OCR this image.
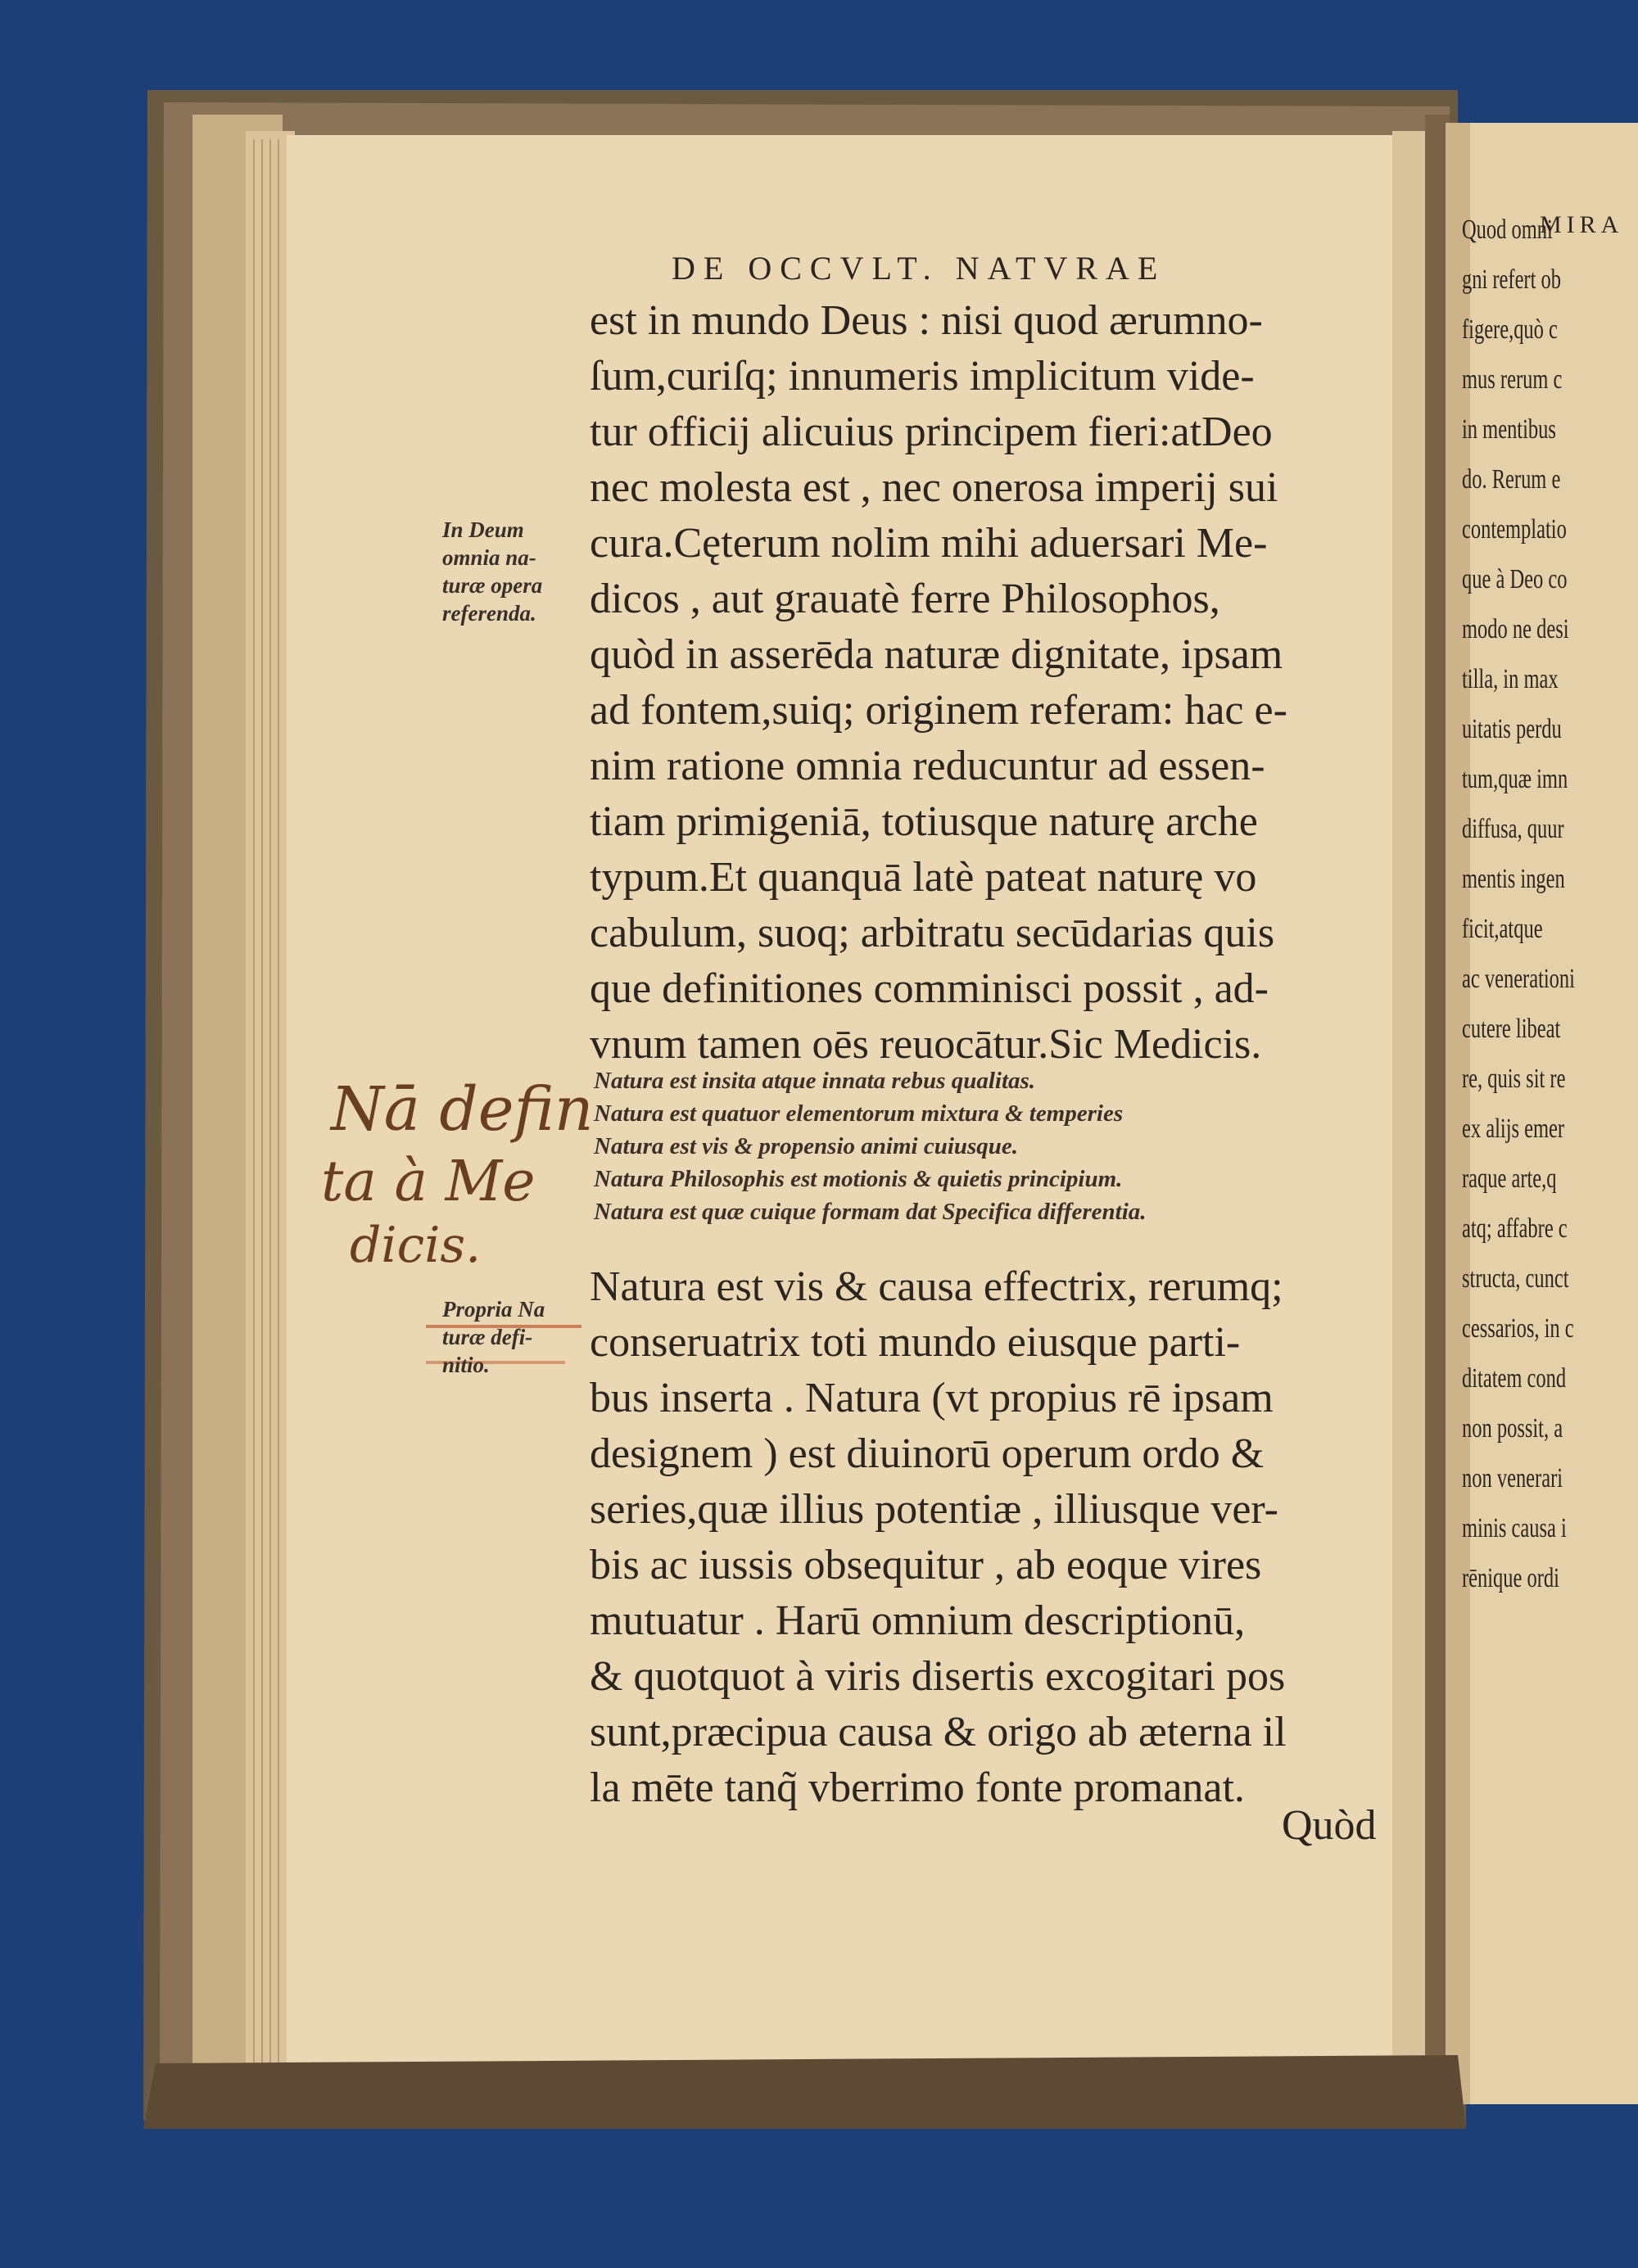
DE OCCVLT. NATVRAE
est in mundo Deus : nisi quod ærumno-
ſum,curiſq; innumeris implicitum vide-
tur officij alicuius principem fieri:atDeo
nec molesta est , nec onerosa imperij sui
cura.Cęterum nolim mihi aduersari Me-
dicos , aut grauatè ferre Philosophos,
quòd in asserēda naturæ dignitate, ipsam
ad fontem,suiq; originem referam: hac e-
nim ratione omnia reducuntur ad essen-
tiam primigeniā, totiusque naturę arche
typum.Et quanquā latè pateat naturę vo
cabulum, suoq; arbitratu secūdarias quis
que definitiones comminisci possit , ad-
vnum tamen oēs reuocātur.Sic Medicis.
In Deum
omnia na-
turæ opera
referenda.
Nā defin
ta à Me
dicis.
Natura est insita atque innata rebus qualitas.
Natura est quatuor elementorum mixtura & temperies
Natura est vis & propensio animi cuiusque.
Natura Philosophis est motionis & quietis principium.
Natura est quæ cuique formam dat Specifica differentia.
Propria Na
turæ defi-
nitio.
Natura est vis & causa effectrix, rerumq;
conseruatrix toti mundo eiusque parti-
bus inserta . Natura (vt propius rē ipsam
designem ) est diuinorū operum ordo &
series,quæ illius potentiæ , illiusque ver-
bis ac iussis obsequitur , ab eoque vires
mutuatur . Harū omnium descriptionū,
& quotquot à viris disertis excogitari pos
sunt,præcipua causa & origo ab æterna il
la mēte tanq̃ vberrimo fonte promanat.
Quòd
MIRA
Quod omni
gni refert ob
figere,quò c
mus rerum c
in mentibus
do. Rerum e
contemplatio
que à Deo co
modo ne desi
tilla, in max
uitatis perdu
tum,quæ imn
diffusa, quur
mentis ingen
ficit,atque
ac venerationi
cutere libeat
re, quis sit re
ex alijs emer
raque arte,q
atq; affabre c
structa, cunct
cessarios, in c
ditatem cond
non possit, a
non venerari
minis causa i
rēnique ordi
